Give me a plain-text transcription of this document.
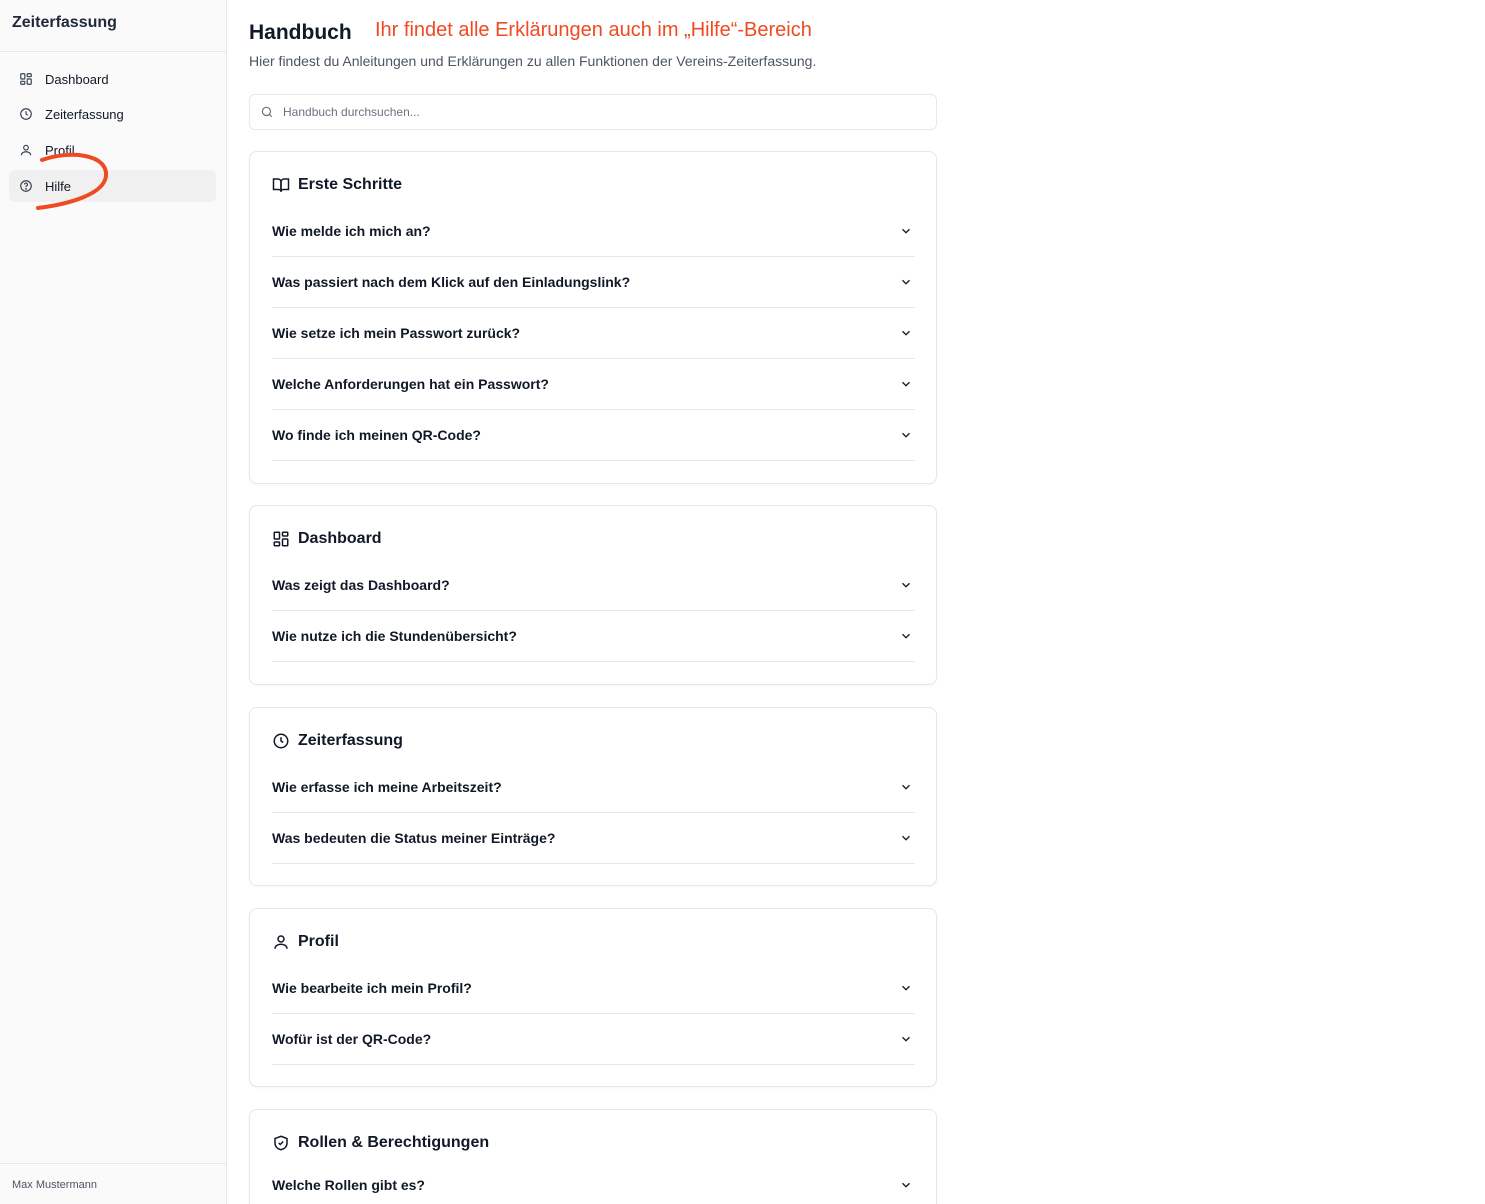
Zeiterfassung
Dashboard
Zeiterfassung
Profil
Hilfe
Max Mustermann
Handbuch Ihr findet alle Erklärungen auch im „Hilfe“-Bereich

Hier findest du Anleitungen und Erklärungen zu allen Funktionen der Vereins-Zeiterfassung.

Handbuch durchsuchen...
Erste Schritte
Wie melde ich mich an?
Was passiert nach dem Klick auf den Einladungslink?
Wie setze ich mein Passwort zurück?
Welche Anforderungen hat ein Passwort?
Wo finde ich meinen QR-Code?
Dashboard
Was zeigt das Dashboard?
Wie nutze ich die Stundenübersicht?
Zeiterfassung
Wie erfasse ich meine Arbeitszeit?
Was bedeuten die Status meiner Einträge?
Profil
Wie bearbeite ich mein Profil?
Wofür ist der QR-Code?
Rollen & Berechtigungen
Welche Rollen gibt es?
